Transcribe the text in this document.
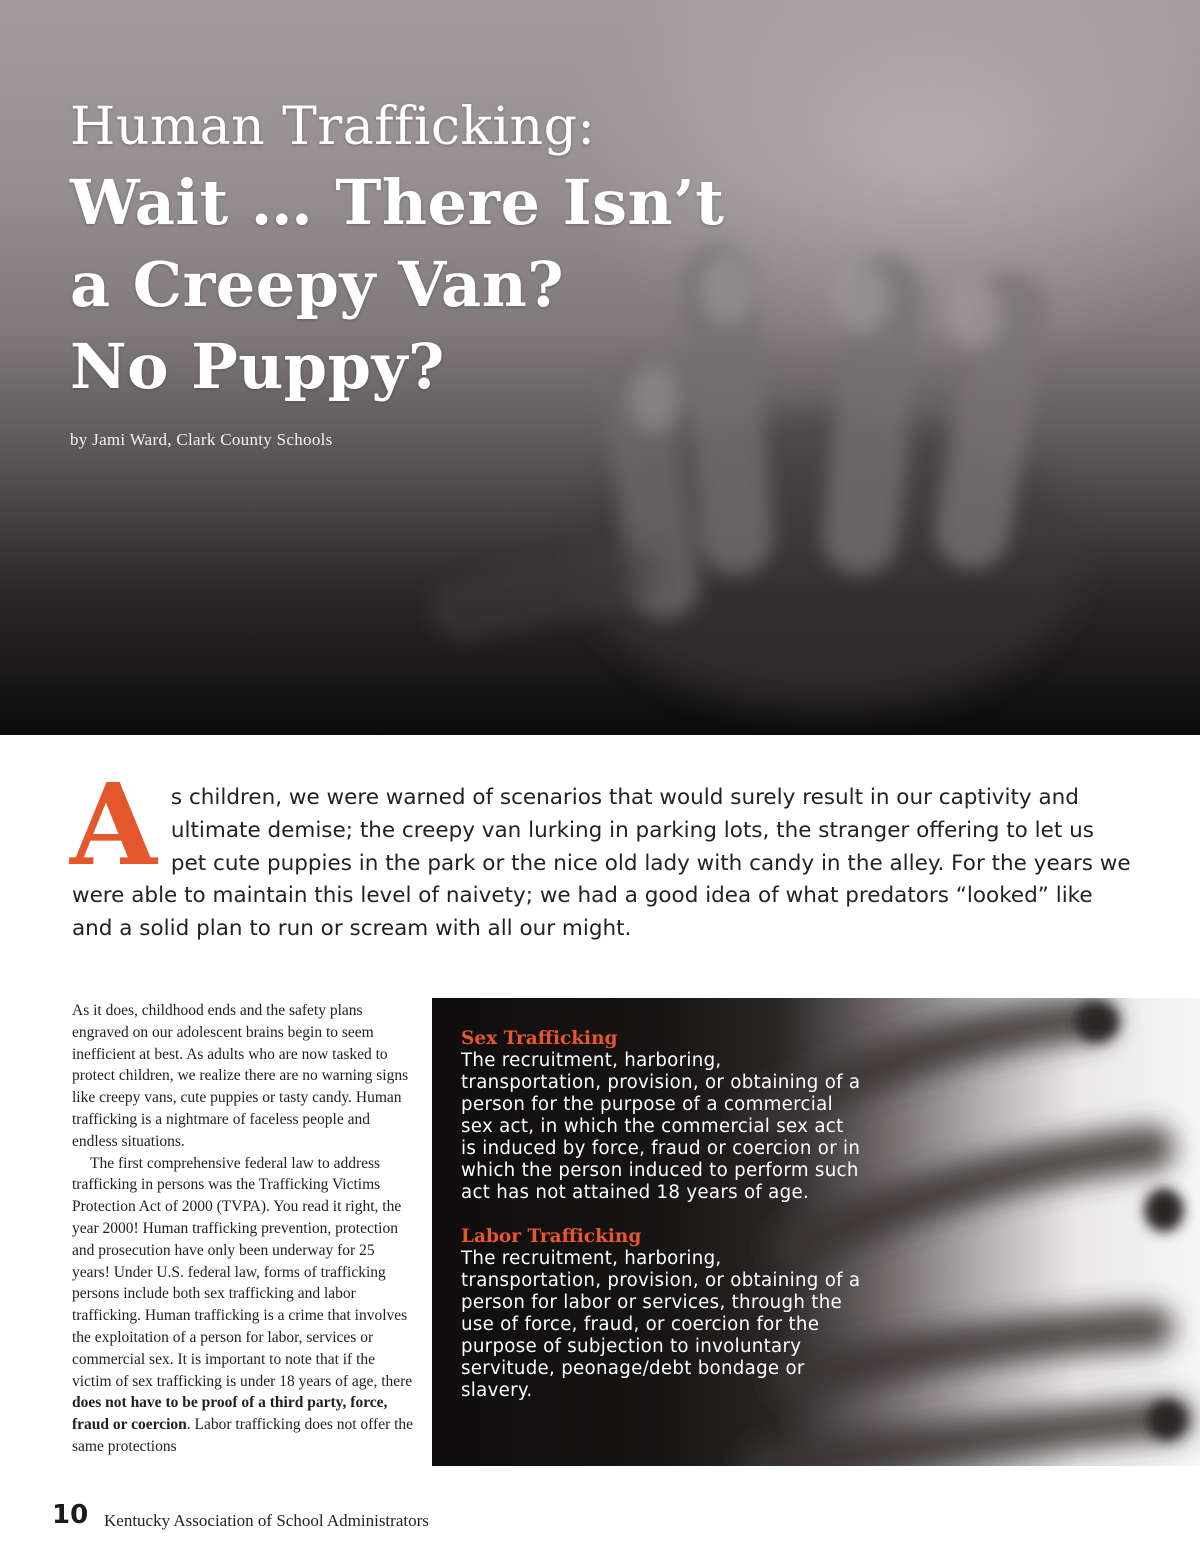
Human Trafficking:
Wait … There Isn’t
a Creepy Van?
No Puppy?
by Jami Ward, Clark County Schools
As children, we were warned of scenarios that would surely result in our captivity and ultimate demise; the creepy van lurking in parking lots, the stranger offering to let us pet cute puppies in the park or the nice old lady with candy in the alley. For the years we were able to maintain this level of naivety; we had a good idea of what predators “looked” like and a solid plan to run or scream with all our might.

As it does, childhood ends and the safety plans engraved on our adolescent brains begin to seem inefficient at best. As adults who are now tasked to protect children, we realize there are no warning signs like creepy vans, cute puppies or tasty candy. Human trafficking is a nightmare of faceless people and endless situations.

The first comprehensive federal law to address trafficking in persons was the Trafficking Victims Protection Act of 2000 (TVPA). You read it right, the year 2000! Human trafficking prevention, protection and prosecution have only been underway for 25 years! Under U.S. federal law, forms of trafficking persons include both sex trafficking and labor trafficking. Human trafficking is a crime that involves the exploitation of a person for labor, services or commercial sex. It is important to note that if the victim of sex trafficking is under 18 years of age, there does not have to be proof of a third party, force, fraud or coercion. Labor trafficking does not offer the same protections

Sex Trafficking
The recruitment, harboring, transportation, provision, or obtaining of a person for the purpose of a commercial sex act, in which the commercial sex act is induced by force, fraud or coercion or in which the person induced to perform such act has not attained 18 years of age.
Labor Trafficking
The recruitment, harboring, transportation, provision, or obtaining of a person for labor or services, through the use of force, fraud, or coercion for the purpose of subjection to involuntary servitude, peonage/debt bondage or slavery.
10 Kentucky Association of School Administrators
